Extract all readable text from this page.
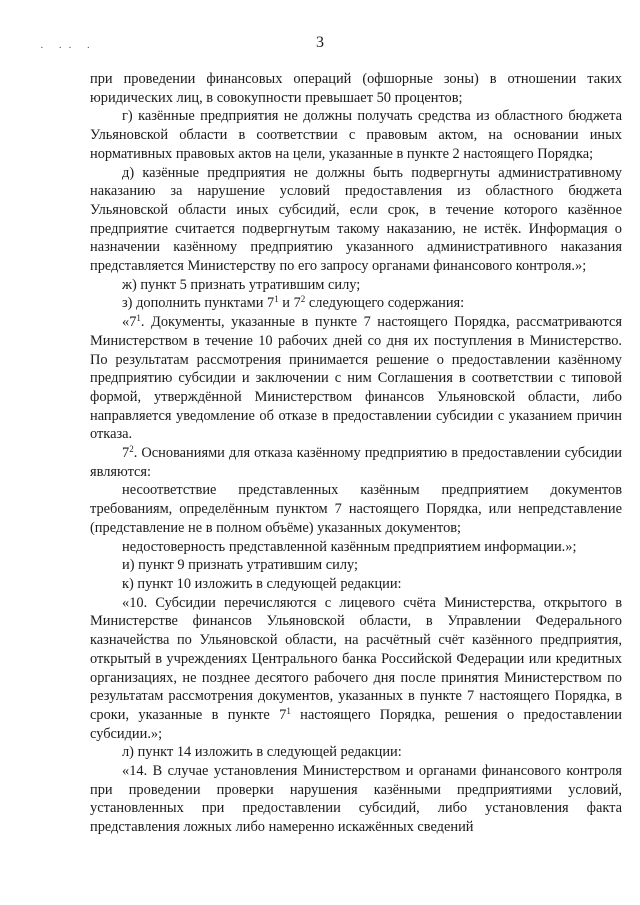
· ·· ·	3

при проведении финансовых операций (офшорные зоны) в отношении таких юридических лиц, в совокупности превышает 50 процентов;

г) казённые предприятия не должны получать средства из областного бюджета Ульяновской области в соответствии с правовым актом, на основании иных нормативных правовых актов на цели, указанные в пункте 2 настоящего Порядка;

д) казённые предприятия не должны быть подвергнуты административному наказанию за нарушение условий предоставления из областного бюджета Ульяновской области иных субсидий, если срок, в течение которого казённое предприятие считается подвергнутым такому наказанию, не истёк. Информация о назначении казённому предприятию указанного административного наказания представляется Министерству по его запросу органами финансового контроля.»;

ж) пункт 5 признать утратившим силу;

з) дополнить пунктами $7^1$ и $7^2$ следующего содержания:

«$7^1$. Документы, указанные в пункте 7 настоящего Порядка, рассматриваются Министерством в течение 10 рабочих дней со дня их поступления в Министерство. По результатам рассмотрения принимается решение о предоставлении казённому предприятию субсидии и заключении с ним Соглашения в соответствии с типовой формой, утверждённой Министерством финансов Ульяновской области, либо направляется уведомление об отказе в предоставлении субсидии с указанием причин отказа.

$7^2$. Основаниями для отказа казённому предприятию в предоставлении субсидии являются:

несоответствие представленных казённым предприятием документов требованиям, определённым пунктом 7 настоящего Порядка, или непредставление (представление не в полном объёме) указанных документов;

недостоверность представленной казённым предприятием информации.»;

и) пункт 9 признать утратившим силу;

к) пункт 10 изложить в следующей редакции:

«10. Субсидии перечисляются с лицевого счёта Министерства, открытого в Министерстве финансов Ульяновской области, в Управлении Федерального казначейства по Ульяновской области, на расчётный счёт казённого предприятия, открытый в учреждениях Центрального банка Российской Федерации или кредитных организациях, не позднее десятого рабочего дня после принятия Министерством по результатам рассмотрения документов, указанных в пункте 7 настоящего Порядка, в сроки, указанные в пункте $7^1$ настоящего Порядка, решения о предоставлении субсидии.»;

л) пункт 14 изложить в следующей редакции:

«14. В случае установления Министерством и органами финансового контроля при проведении проверки нарушения казёнными предприятиями условий, установленных при предоставлении субсидий, либо установления факта представления ложных либо намеренно искажённых сведений
